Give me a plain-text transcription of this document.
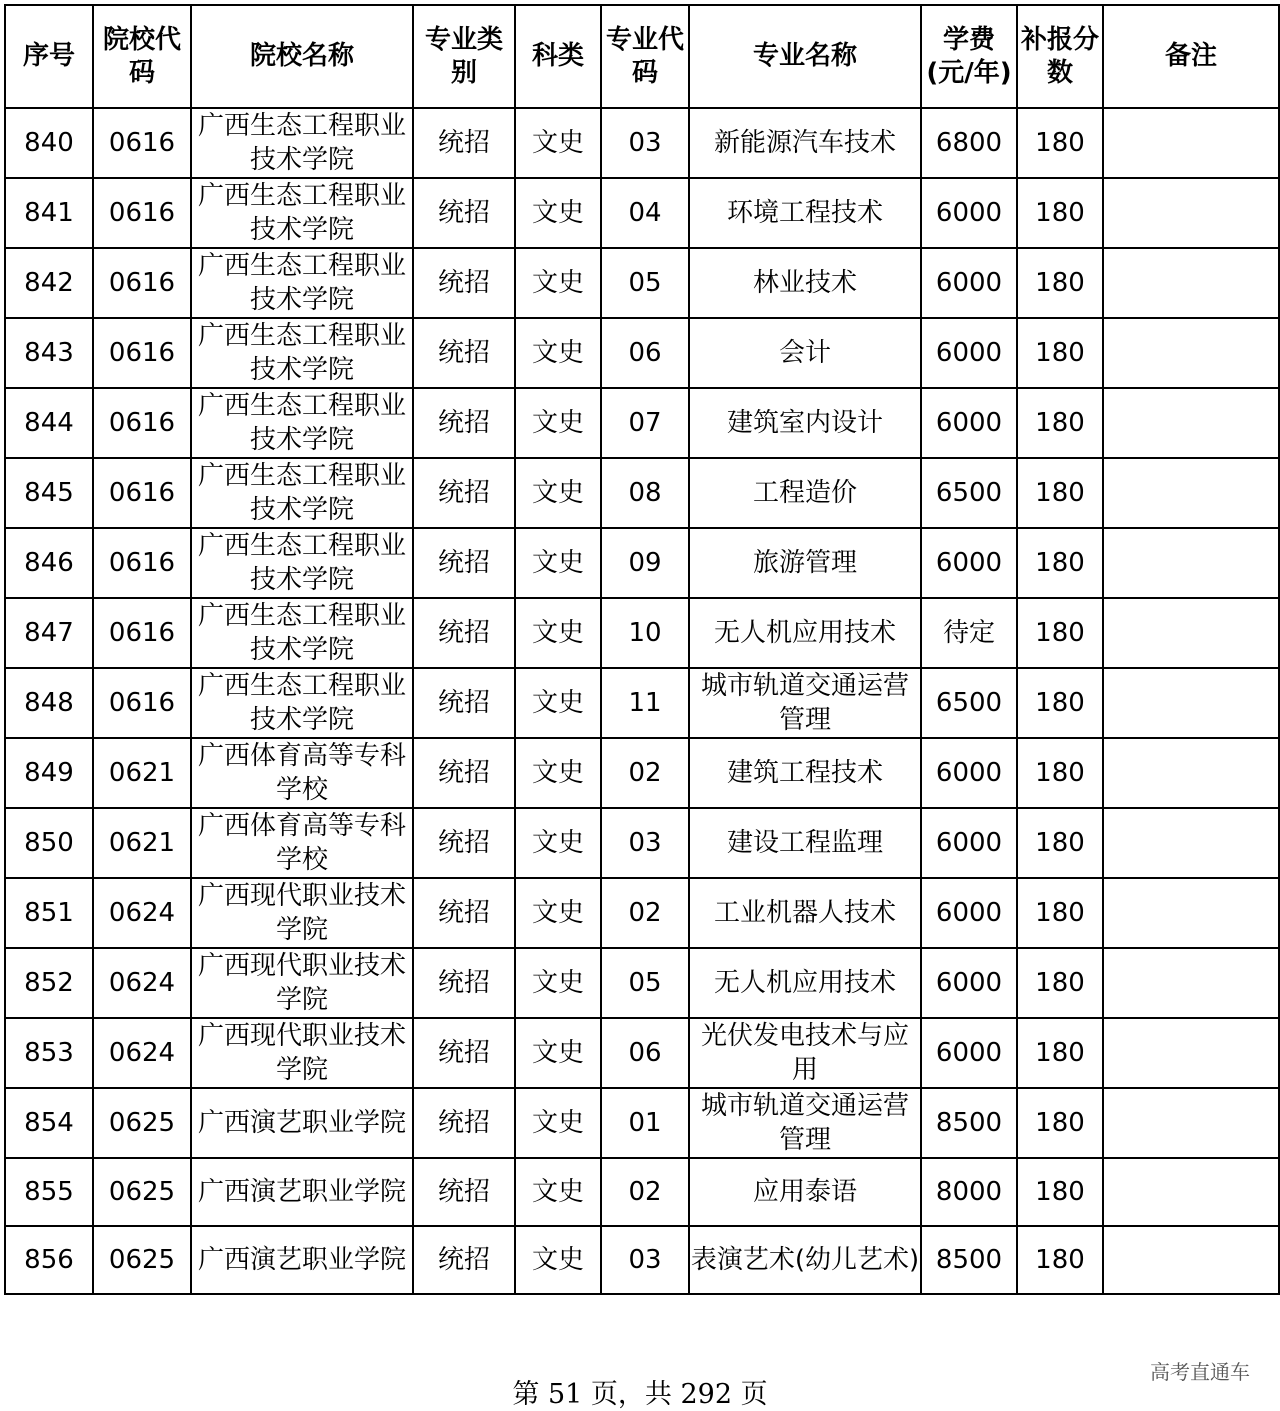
序号	院校代码	院校名称	专业类别	科类	专业代码	专业名称	学费(元/年)	补报分数	备注
840	0616	广西生态工程职业技术学院	统招	文史	03	新能源汽车技术	6800	180	
841	0616	广西生态工程职业技术学院	统招	文史	04	环境工程技术	6000	180	
842	0616	广西生态工程职业技术学院	统招	文史	05	林业技术	6000	180	
843	0616	广西生态工程职业技术学院	统招	文史	06	会计	6000	180	
844	0616	广西生态工程职业技术学院	统招	文史	07	建筑室内设计	6000	180	
845	0616	广西生态工程职业技术学院	统招	文史	08	工程造价	6500	180	
846	0616	广西生态工程职业技术学院	统招	文史	09	旅游管理	6000	180	
847	0616	广西生态工程职业技术学院	统招	文史	10	无人机应用技术	待定	180	
848	0616	广西生态工程职业技术学院	统招	文史	11	城市轨道交通运营管理	6500	180	
849	0621	广西体育高等专科学校	统招	文史	02	建筑工程技术	6000	180	
850	0621	广西体育高等专科学校	统招	文史	03	建设工程监理	6000	180	
851	0624	广西现代职业技术学院	统招	文史	02	工业机器人技术	6000	180	
852	0624	广西现代职业技术学院	统招	文史	05	无人机应用技术	6000	180	
853	0624	广西现代职业技术学院	统招	文史	06	光伏发电技术与应用	6000	180	
854	0625	广西演艺职业学院	统招	文史	01	城市轨道交通运营管理	8500	180	
855	0625	广西演艺职业学院	统招	文史	02	应用泰语	8000	180	
856	0625	广西演艺职业学院	统招	文史	03	表演艺术(幼儿艺术)	8500	180	
第 51 页，共 292 页
高考直通车
